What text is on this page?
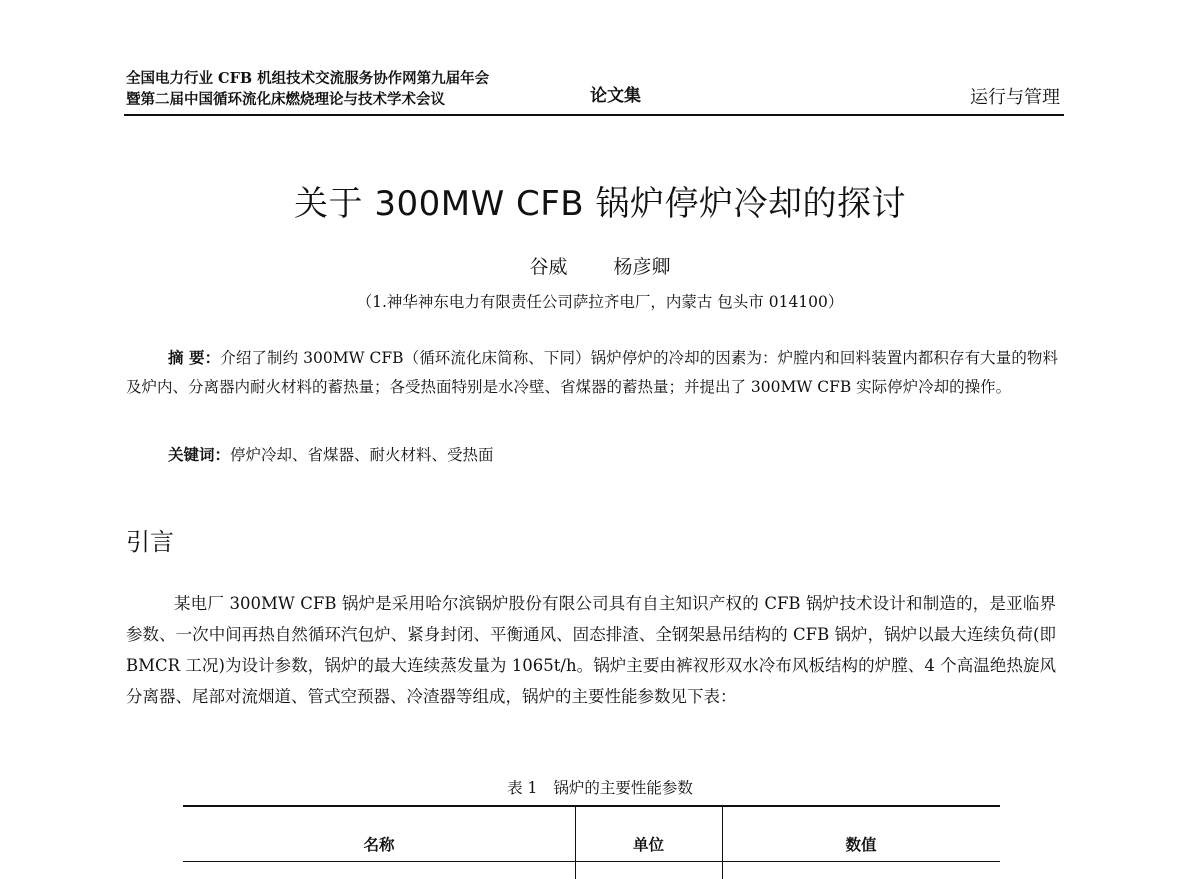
全国电力行业 CFB 机组技术交流服务协作网第九届年会
暨第二届中国循环流化床燃烧理论与技术学术会议	论文集	运行与管理
关于 300MW CFB 锅炉停炉冷却的探讨
谷威 杨彦卿
（1.神华神东电力有限责任公司萨拉齐电厂，内蒙古 包头市 014100）
摘 要：介绍了制约 300MW CFB（循环流化床简称、下同）锅炉停炉的冷却的因素为：炉膛内和回料装置内都积存有大量的物料及炉内、分离器内耐火材料的蓄热量；各受热面特别是水冷壁、省煤器的蓄热量；并提出了 300MW CFB 实际停炉冷却的操作。
关键词：停炉冷却、省煤器、耐火材料、受热面
引言
某电厂 300MW CFB 锅炉是采用哈尔滨锅炉股份有限公司具有自主知识产权的 CFB 锅炉技术设计和制造的，是亚临界参数、一次中间再热自然循环汽包炉、紧身封闭、平衡通风、固态排渣、全钢架悬吊结构的 CFB 锅炉，锅炉以最大连续负荷(即 BMCR 工况)为设计参数，锅炉的最大连续蒸发量为 1065t/h。锅炉主要由裤衩形双水冷布风板结构的炉膛、4 个高温绝热旋风分离器、尾部对流烟道、管式空预器、冷渣器等组成，锅炉的主要性能参数见下表：
表 1 锅炉的主要性能参数
名称	单位	数值
